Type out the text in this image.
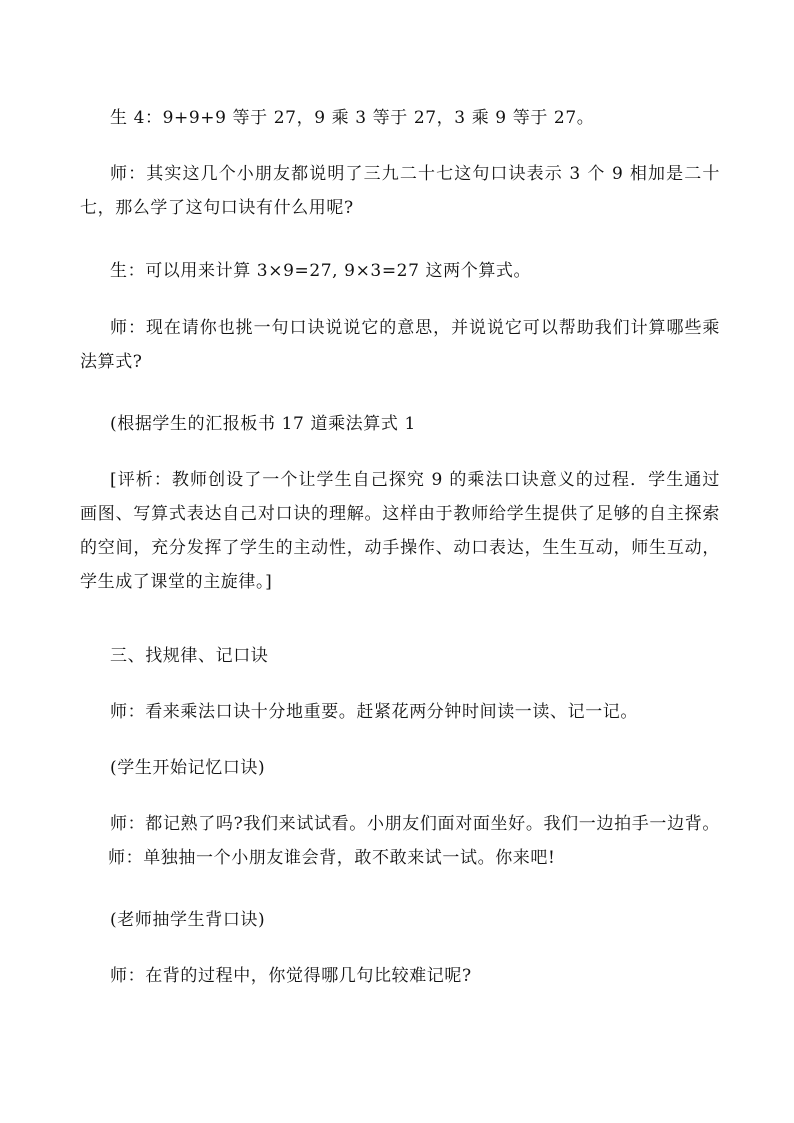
生 4：9+9+9 等于 27，9 乘 3 等于 27，3 乘 9 等于 27。
师：其实这几个小朋友都说明了三九二十七这句口诀表示 3 个 9 相加是二十七，那么学了这句口诀有什么用呢?
生：可以用来计算 3×9=27, 9×3=27 这两个算式。
师：现在请你也挑一句口诀说说它的意思，并说说它可以帮助我们计算哪些乘法算式?
(根据学生的汇报板书 17 道乘法算式 1
[评析：教师创设了一个让学生自己探究 9 的乘法口诀意义的过程．学生通过画图、写算式表达自己对口诀的理解。这样由于教师给学生提供了足够的自主探索的空间，充分发挥了学生的主动性，动手操作、动口表达，生生互动，师生互动，学生成了课堂的主旋律。]
三、找规律、记口诀
师：看来乘法口诀十分地重要。赶紧花两分钟时间读一读、记一记。
(学生开始记忆口诀)
师：都记熟了吗?我们来试试看。小朋友们面对面坐好。我们一边拍手一边背。师：单独抽一个小朋友谁会背，敢不敢来试一试。你来吧!
(老师抽学生背口诀)
师：在背的过程中，你觉得哪几句比较难记呢?
